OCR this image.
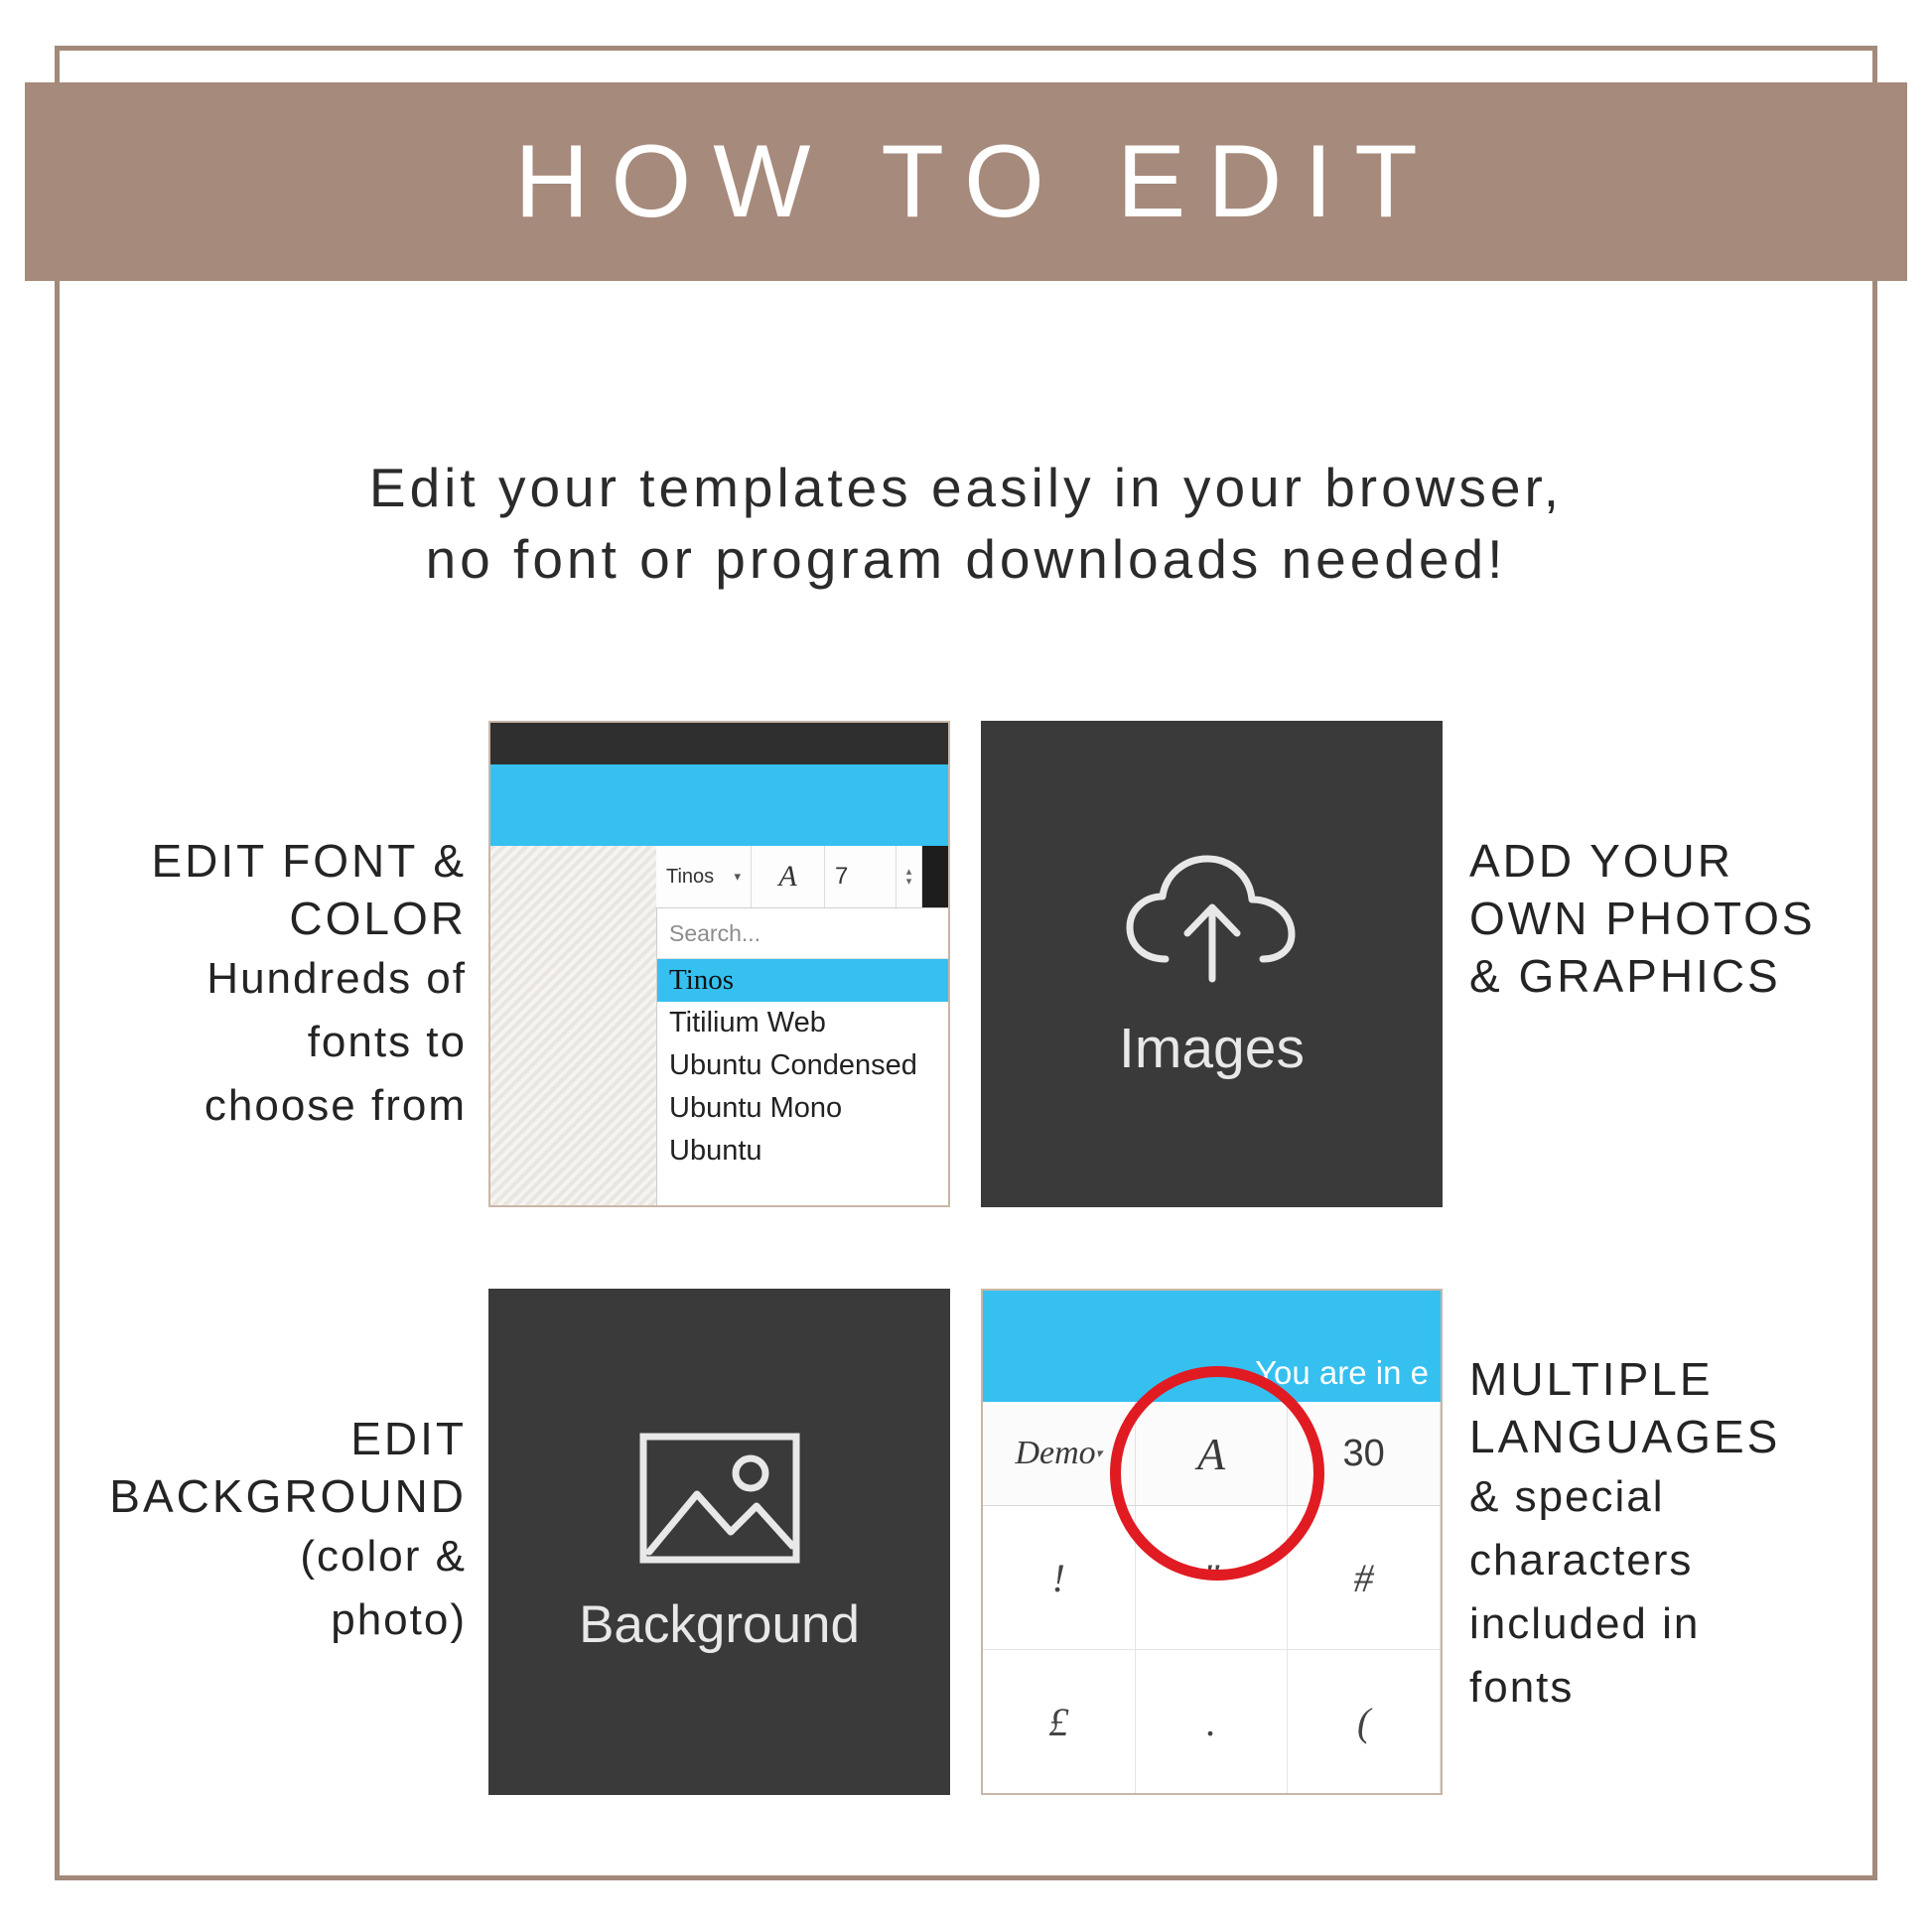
HOW TO EDIT
Edit your templates easily in your browser,
no font or program downloads needed!
Tinos ▾	A	7	▴
▾
Search...
Tinos
Titilium Web
Ubuntu Condensed
Ubuntu Mono
Ubuntu
Images
Background
You are in e
Demo ▾	A	30
!	"	#
£	.	(
EDIT FONT &
COLOR
Hundreds of
fonts to
choose from
ADD YOUR
OWN PHOTOS
& GRAPHICS
EDIT
BACKGROUND
(color &
photo)
MULTIPLE
LANGUAGES
& special
characters
included in
fonts
